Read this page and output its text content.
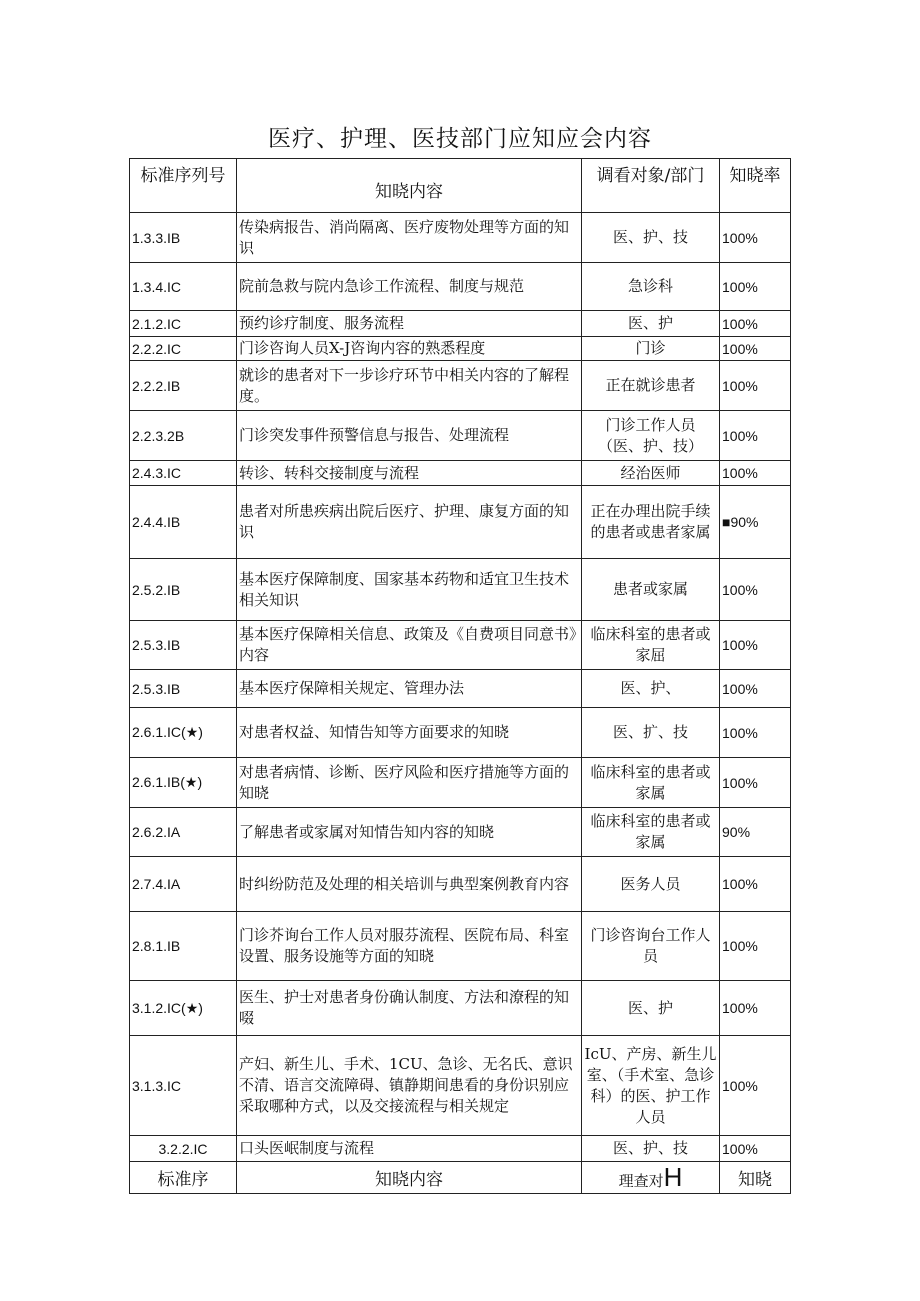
医疗、护理、医技部门应知应会内容
标准序列号	知晓内容	调看对象/部门	知晓率
1.3.3.IB	传染病报告、消尚隔离、医疗废物处理等方面的知识	医、护、技	100%
1.3.4.IC	院前急救与院内急诊工作流程、制度与规范	急诊科	100%
2.1.2.IC	预约诊疗制度、服务流程	医、护	100%
2.2.2.IC	门诊咨询人员X-J咨询内容的熟悉程度	门诊	100%
2.2.2.IB	就诊的患者对下一步诊疗环节中相关内容的了解程度。	正在就诊患者	100%
2.2.3.2B	门诊突发事件预警信息与报告、处理流程	门诊工作人员（医、护、技）	100%
2.4.3.IC	转诊、转科交接制度与流程	经治医师	100%
2.4.4.IB	患者对所患疾病出院后医疗、护理、康复方面的知识	正在办理出院手续的患者或患者家属	■90%
2.5.2.IB	基本医疗保障制度、国家基本药物和适宜卫生技术相关知识	患者或家属	100%
2.5.3.IB	基本医疗保障相关信息、政策及《自费项目同意书》内容	临床科室的患者或家屈	100%
2.5.3.IB	基本医疗保障相关规定、管理办法	医、护、	100%
2.6.1.IC(★)	对患者权益、知情告知等方面要求的知晓	医、扩、技	100%
2.6.1.IB(★)	对患者病情、诊断、医疗风险和医疗措施等方面的知晓	临床科室的患者或家属	100%
2.6.2.IA	了解患者或家属对知情告知内容的知晓	临床科室的患者或家属	90%
2.7.4.IA	时纠纷防范及处理的相关培训与典型案例教育内容	医务人员	100%
2.8.1.IB	门诊芥询台工作人员对服芬流程、医院布局、科室设置、服务设施等方面的知晓	门诊咨询台工作人员	100%
3.1.2.IC(★)	医生、护士对患者身份确认制度、方法和潦程的知啜	医、护	100%
3.1.3.IC	产妇、新生儿、手术、1CU、急诊、无名氏、意识不清、语言交流障碍、镇静期间患看的身份识别应采取哪种方式，以及交接流程与相关规定	IcU、产房、新生儿室、（手术室、急诊科）的医、护工作人员	100%
3.2.2.IC	口头医岷制度与流程	医、护、技	100%
标准序	知晓内容	理查对H	知晓
